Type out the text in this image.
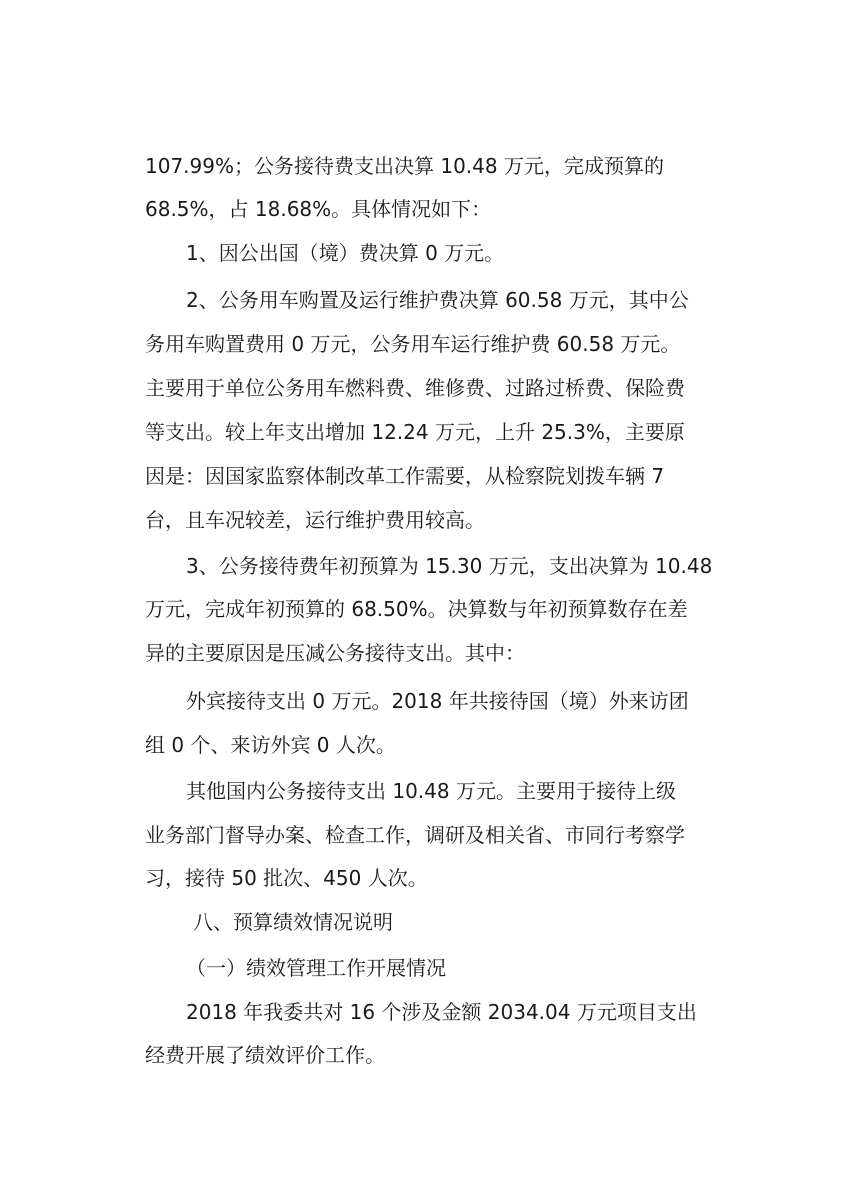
107.99%；公务接待费支出决算 10.48 万元，完成预算的
68.5%，占 18.68%。具体情况如下：
1、因公出国（境）费决算 0 万元。
2、公务用车购置及运行维护费决算 60.58 万元，其中公
务用车购置费用 0 万元，公务用车运行维护费 60.58 万元。
主要用于单位公务用车燃料费、维修费、过路过桥费、保险费
等支出。较上年支出增加 12.24 万元，上升 25.3%，主要原
因是：因国家监察体制改革工作需要，从检察院划拨车辆 7
台，且车况较差，运行维护费用较高。
3、公务接待费年初预算为 15.30 万元，支出决算为 10.48
万元，完成年初预算的 68.50%。决算数与年初预算数存在差
异的主要原因是压减公务接待支出。其中：
外宾接待支出 0 万元。2018 年共接待国（境）外来访团
组 0 个、来访外宾 0 人次。
其他国内公务接待支出 10.48 万元。主要用于接待上级
业务部门督导办案、检查工作，调研及相关省、市同行考察学
习，接待 50 批次、450 人次。
八、预算绩效情况说明
（一）绩效管理工作开展情况
2018 年我委共对 16 个涉及金额 2034.04 万元项目支出
经费开展了绩效评价工作。
